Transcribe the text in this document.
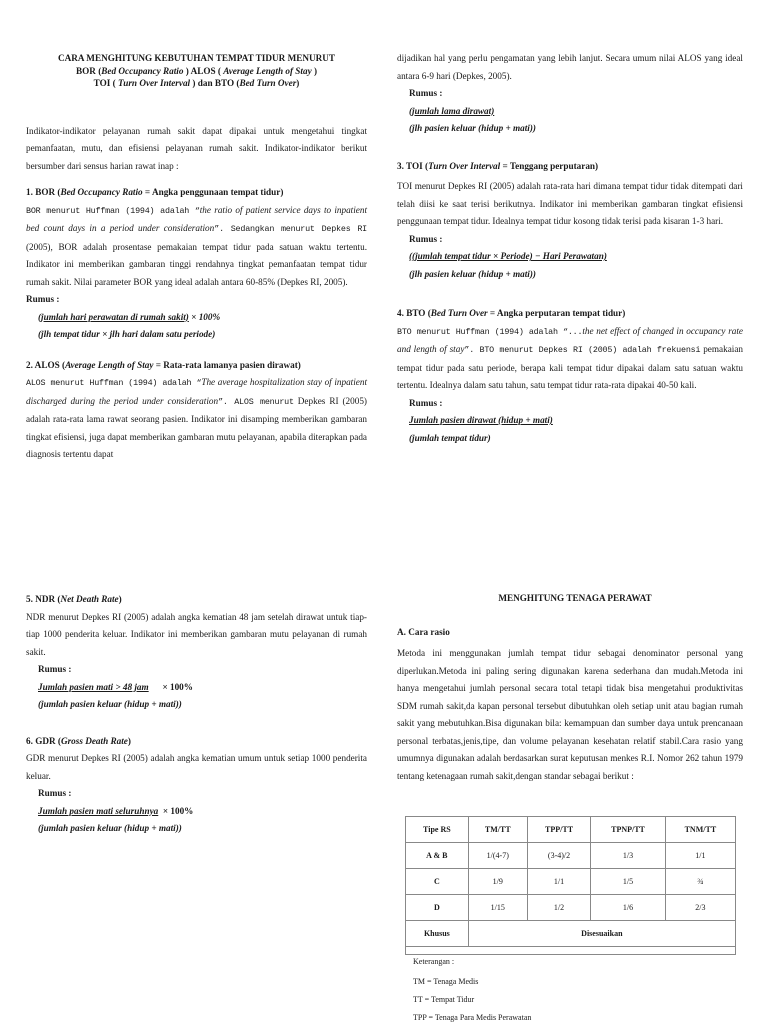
CARA MENGHITUNG KEBUTUHAN TEMPAT TIDUR MENURUT
BOR (Bed Occupancy Ratio ) ALOS ( Average Length of Stay )
TOI ( Turn Over Interval ) dan BTO (Bed Turn Over)

Indikator-indikator pelayanan rumah sakit dapat dipakai untuk mengetahui tingkat pemanfaatan, mutu, dan efisiensi pelayanan rumah sakit. Indikator-indikator berikut bersumber dari sensus harian rawat inap :

1. BOR (Bed Occupancy Ratio = Angka penggunaan tempat tidur)

BOR menurut Huffman (1994) adalah “the ratio of patient service days to inpatient bed count days in a period under consideration”. Sedangkan menurut Depkes RI (2005), BOR adalah prosentase pemakaian tempat tidur pada satuan waktu tertentu. Indikator ini memberikan gambaran tinggi rendahnya tingkat pemanfaatan tempat tidur rumah sakit. Nilai parameter BOR yang ideal adalah antara 60-85% (Depkes RI, 2005).

Rumus :

(jumlah hari perawatan di rumah sakit) × 100%
(jlh tempat tidur × jlh hari dalam satu periode)

2. ALOS (Average Length of Stay = Rata-rata lamanya pasien dirawat)

ALOS menurut Huffman (1994) adalah “The average hospitalization stay of inpatient discharged during the period under consideration”. ALOS menurut Depkes RI (2005) adalah rata-rata lama rawat seorang pasien. Indikator ini disamping memberikan gambaran tingkat efisiensi, juga dapat memberikan gambaran mutu pelayanan, apabila diterapkan pada diagnosis tertentu dapat

dijadikan hal yang perlu pengamatan yang lebih lanjut. Secara umum nilai ALOS yang ideal antara 6-9 hari (Depkes, 2005).

Rumus :

(jumlah lama dirawat)
(jlh pasien keluar (hidup + mati))

3. TOI (Turn Over Interval = Tenggang perputaran)

TOI menurut Depkes RI (2005) adalah rata-rata hari dimana tempat tidur tidak ditempati dari telah diisi ke saat terisi berikutnya. Indikator ini memberikan gambaran tingkat efisiensi penggunaan tempat tidur. Idealnya tempat tidur kosong tidak terisi pada kisaran 1-3 hari.

Rumus :

((jumlah tempat tidur × Periode) − Hari Perawatan)
(jlh pasien keluar (hidup + mati))

4. BTO (Bed Turn Over = Angka perputaran tempat tidur)

BTO menurut Huffman (1994) adalah “...the net effect of changed in occupancy rate and length of stay”. BTO menurut Depkes RI (2005) adalah frekuensi pemakaian tempat tidur pada satu periode, berapa kali tempat tidur dipakai dalam satu satuan waktu tertentu. Idealnya dalam satu tahun, satu tempat tidur rata-rata dipakai 40-50 kali.

Rumus :

Jumlah pasien dirawat (hidup + mati)
(jumlah tempat tidur)

5. NDR (Net Death Rate)

NDR menurut Depkes RI (2005) adalah angka kematian 48 jam setelah dirawat untuk tiap-tiap 1000 penderita keluar. Indikator ini memberikan gambaran mutu pelayanan di rumah sakit.

Rumus :

Jumlah pasien mati > 48 jam × 100%
(jumlah pasien keluar (hidup + mati))

6. GDR (Gross Death Rate)

GDR menurut Depkes RI (2005) adalah angka kematian umum untuk setiap 1000 penderita keluar.

Rumus :

Jumlah pasien mati seluruhnya × 100%
(jumlah pasien keluar (hidup + mati))
MENGHITUNG TENAGA PERAWAT

A. Cara rasio

Metoda ini menggunakan jumlah tempat tidur sebagai denominator personal yang diperlukan.Metoda ini paling sering digunakan karena sederhana dan mudah.Metoda ini hanya mengetahui jumlah personal secara total tetapi tidak bisa mengetahui produktivitas SDM rumah sakit,da kapan personal tersebut dibutuhkan oleh setiap unit atau bagian rumah sakit yang mebutuhkan.Bisa digunakan bila: kemampuan dan sumber daya untuk prencanaan personal terbatas,jenis,tipe, dan volume pelayanan kesehatan relatif stabil.Cara rasio yang umumnya digunakan adalah berdasarkan surat keputusan menkes R.I. Nomor 262 tahun 1979 tentang ketenagaan rumah sakit,dengan standar sebagai berikut :

Tipe RS	TM/TT	TPP/TT	TPNP/TT	TNM/TT
A & B	1/(4-7)	(3-4)/2	1/3	1/1
C	1/9	1/1	1/5	¾
D	1/15	1/2	1/6	2/3
Khusus	Disesuaikan			

Keterangan :
TM = Tenaga Medis
TT = Tempat Tidur
TPP = Tenaga Para Medis Perawatan
